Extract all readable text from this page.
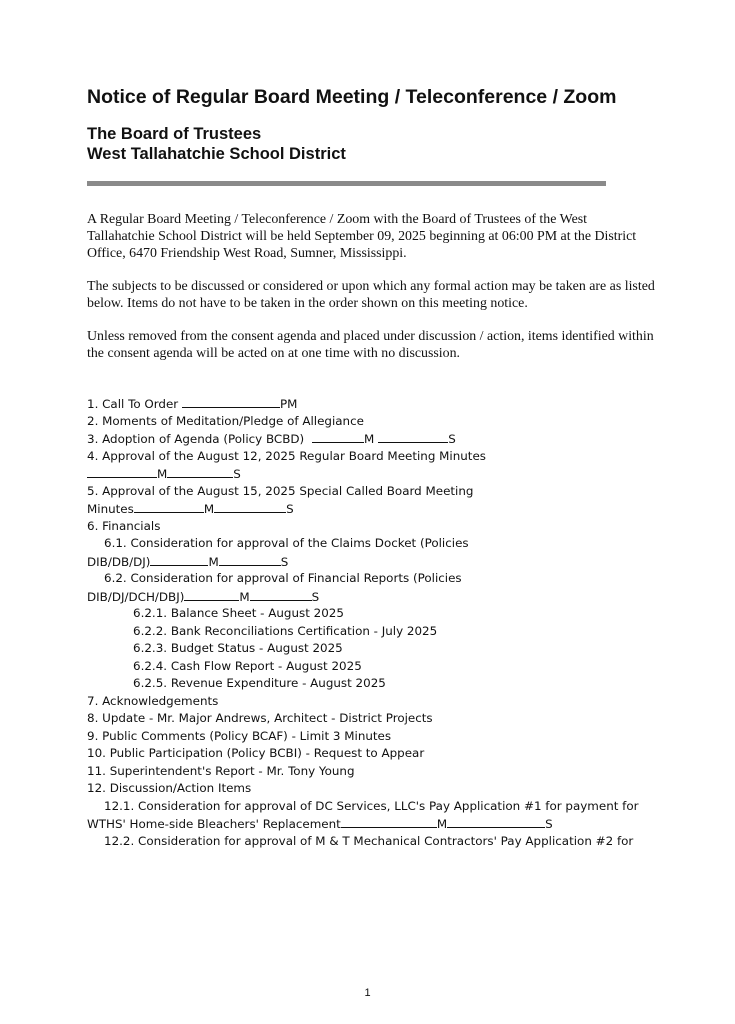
Notice of Regular Board Meeting / Teleconference / Zoom
The Board of Trustees
West Tallahatchie School District

A Regular Board Meeting / Teleconference / Zoom with the Board of Trustees of the West Tallahatchie School District will be held September 09, 2025 beginning at 06:00 PM at the District Office, 6470 Friendship West Road, Sumner, Mississippi.

The subjects to be discussed or considered or upon which any formal action may be taken are as listed below. Items do not have to be taken in the order shown on this meeting notice.

Unless removed from the consent agenda and placed under discussion / action, items identified within the consent agenda will be acted on at one time with no discussion.

1. Call To Order	PM
2. Moments of Meditation/Pledge of Allegiance
3. Adoption of Agenda (Policy BCBD)	M	S
4. Approval of the August 12, 2025 Regular Board Meeting Minutes
M	S
5. Approval of the August 15, 2025 Special Called Board Meeting
Minutes	M	S
6. Financials
6.1. Consideration for approval of the Claims Docket (Policies
DIB/DB/DJ)	M	S
6.2. Consideration for approval of Financial Reports (Policies
DIB/DJ/DCH/DBJ)	M	S
6.2.1. Balance Sheet - August 2025
6.2.2. Bank Reconciliations Certification - July 2025
6.2.3. Budget Status - August 2025
6.2.4. Cash Flow Report - August 2025
6.2.5. Revenue Expenditure - August 2025
7. Acknowledgements
8. Update - Mr. Major Andrews, Architect - District Projects
9. Public Comments (Policy BCAF) - Limit 3 Minutes
10. Public Participation (Policy BCBI) - Request to Appear
11. Superintendent's Report - Mr. Tony Young
12. Discussion/Action Items
12.1. Consideration for approval of DC Services, LLC's Pay Application #1 for payment for
WTHS' Home-side Bleachers' Replacement	M	S
12.2. Consideration for approval of M & T Mechanical Contractors' Pay Application #2 for
1
